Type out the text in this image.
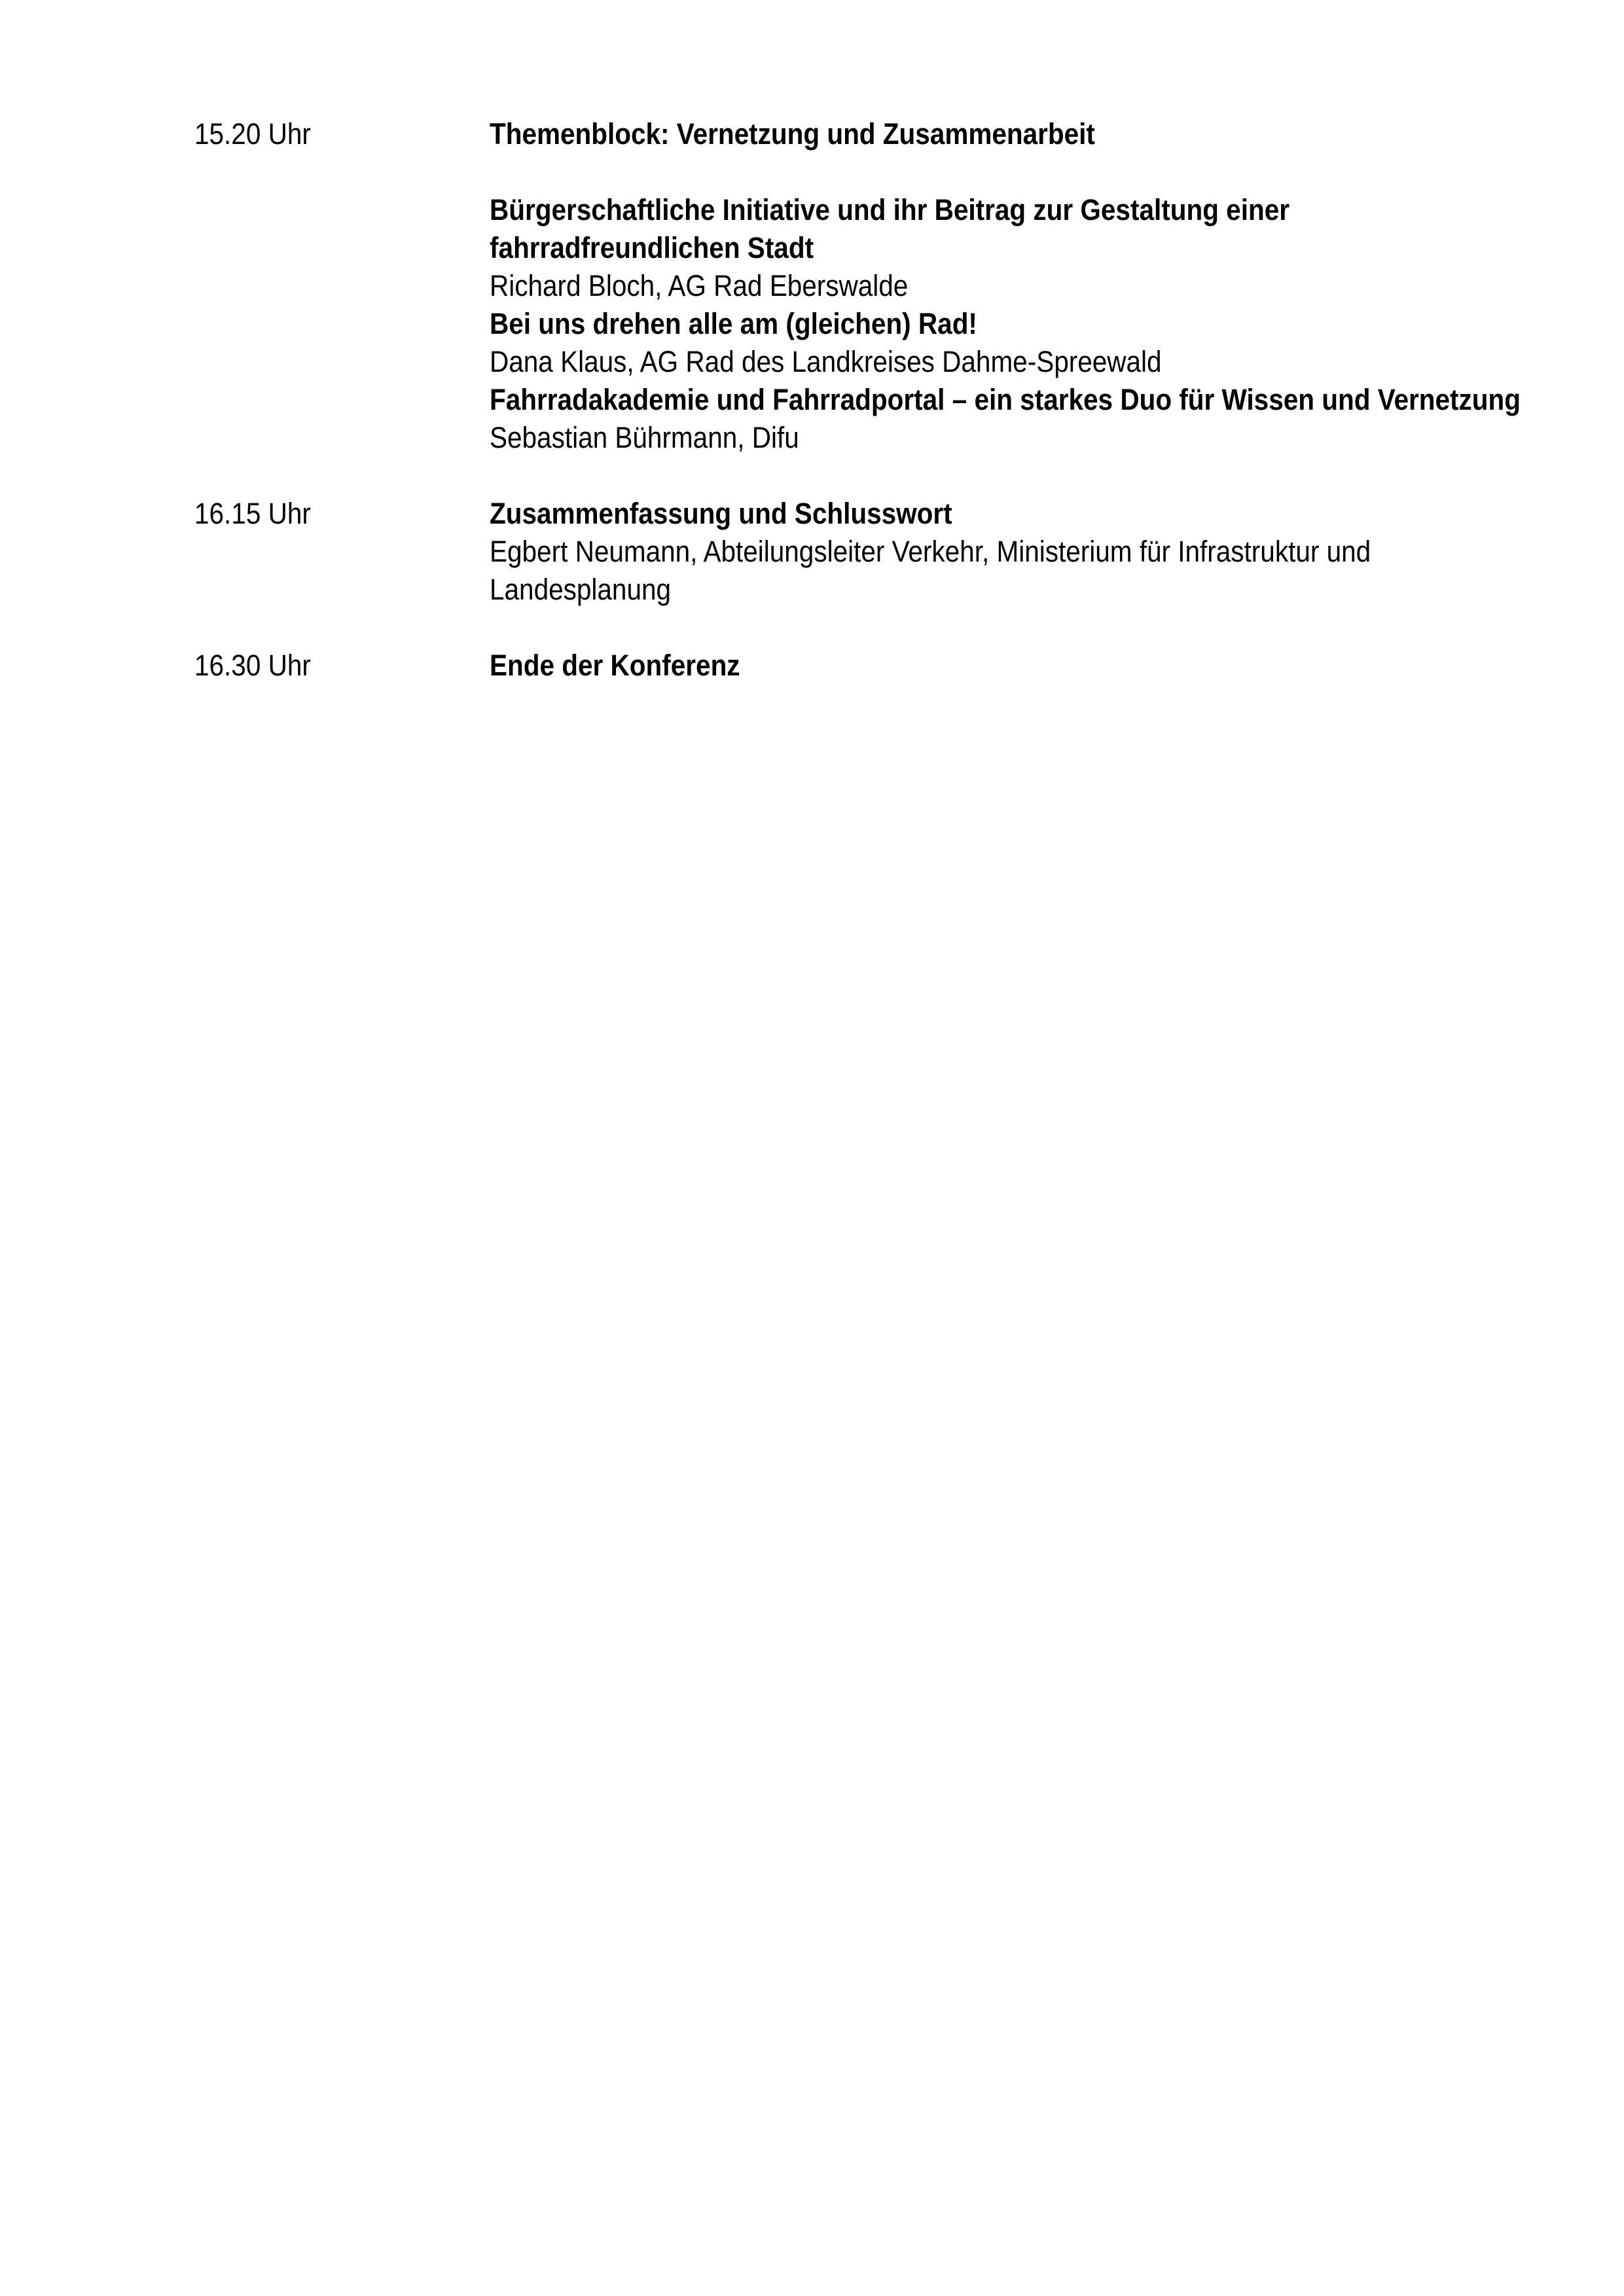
15.20 Uhr	Themenblock: Vernetzung und Zusammenarbeit
Bürgerschaftliche Initiative und ihr Beitrag zur Gestaltung einer
fahrradfreundlichen Stadt
Richard Bloch, AG Rad Eberswalde
Bei uns drehen alle am (gleichen) Rad!
Dana Klaus, AG Rad des Landkreises Dahme-Spreewald
Fahrradakademie und Fahrradportal – ein starkes Duo für Wissen und Vernetzung
Sebastian Bührmann, Difu
16.15 Uhr	Zusammenfassung und Schlusswort
Egbert Neumann, Abteilungsleiter Verkehr, Ministerium für Infrastruktur und
Landesplanung
16.30 Uhr	Ende der Konferenz
